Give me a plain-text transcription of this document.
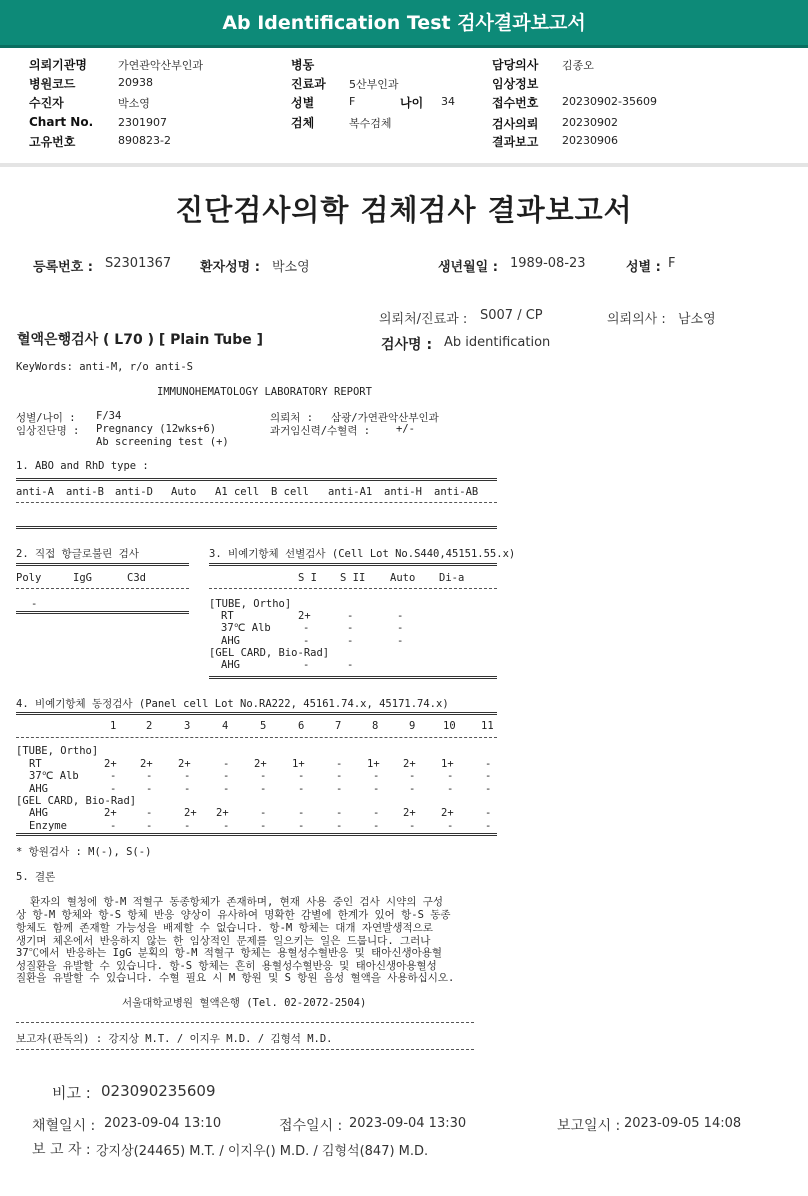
Ab Identification Test 검사결과보고서
의뢰기관명	가연관악산부인과
병원코드	20938
수진자	박소영
Chart No. 2301907
고유번호	890823-2
병동
진료과 5산부인과
성별	F	나이 34
검체	복수검체
담당의사 김종오
임상정보
접수번호 20230902-35609
검사의뢰 20230902
결과보고 20230906
진단검사의학 검체검사 결과보고서
등록번호 : S2301367 환자성명 : 박소영	생년월일 : 1989-08-23	성별 : F
의뢰처/진료과 : S007 / CP	의뢰의사 : 남소영
혈액은행검사 ( L70 ) [ Plain Tube ]	검사명 : Ab identification
KeyWords: anti-M, r/o anti-S
IMMUNOHEMATOLOGY LABORATORY REPORT
성별/나이 : F/34
임상진단명 : Pregnancy (12wks+6)
Ab screening test (+)
의뢰처 : 삼광/가연관악산부인과
과거임신력/수혈력 : +/-
1. ABO and RhD type :
anti-A anti-B anti-D Auto A1 cell B cell anti-A1 anti-H anti-AB
2. 직접 항글로불린 검사
Poly	IgG	C3d
-
3. 비예기항체 선별검사 (Cell Lot No.S440,45151.55.x)
S I S II Auto Di-a
[TUBE, Ortho]
RT	2+	-	-
37℃ Alb	-	-	-
AHG	-	-	-
[GEL CARD, Bio-Rad]
AHG	-	-
4. 비예기항체 동정검사 (Panel cell Lot No.RA222, 45161.74.x, 45171.74.x)
1	2	3	4	5	6	7	8	9	10 11
[TUBE, Ortho]
RT	2+ 2+ 2+	- 2+ 1+	- 1+ 2+ 1+	-
37℃ Alb	-	-	-	-	-	-	-	-	-	-	-
AHG	-	-	-	-	-	-	-	-	-	-	-
[GEL CARD, Bio-Rad]
AHG	2+	-	2+ 2+	-	-	-	- 2+ 2+	-
Enzyme	-	-	-	-	-	-	-	-	-	-	-
* 항원검사 : M(-), S(-)
5. 결론
환자의 혈청에 항-M 적혈구 동종항체가 존재하며, 현재 사용 중인 검사 시약의 구성
상 항-M 항체와 항-S 항체 반응 양상이 유사하여 명확한 감별에 한계가 있어 항-S 동종
항체도 함께 존재할 가능성을 배제할 수 없습니다. 항-M 항체는 대개 자연발생적으로
생기며 체온에서 반응하지 않는 한 임상적인 문제를 일으키는 일은 드뭅니다. 그러나
37℃에서 반응하는 IgG 분획의 항-M 적혈구 항체는 용혈성수혈반응 및 태아신생아용혈
성질환을 유발할 수 있습니다. 항-S 항체는 흔히 용혈성수혈반응 및 태아신생아용혈성
질환을 유발할 수 있습니다. 수혈 필요 시 M 항원 및 S 항원 음성 혈액을 사용하십시오.
서울대학교병원 혈액은행 (Tel. 02-2072-2504)
보고자(판독의) : 강지상 M.T. / 이지우 M.D. / 김형석 M.D.
비고 : 023090235609
채혈일시 : 2023-09-04 13:10	접수일시 : 2023-09-04 13:30	보고일시 : 2023-09-05 14:08
보 고 자 : 강지상(24465) M.T. / 이지우() M.D. / 김형석(847) M.D.
